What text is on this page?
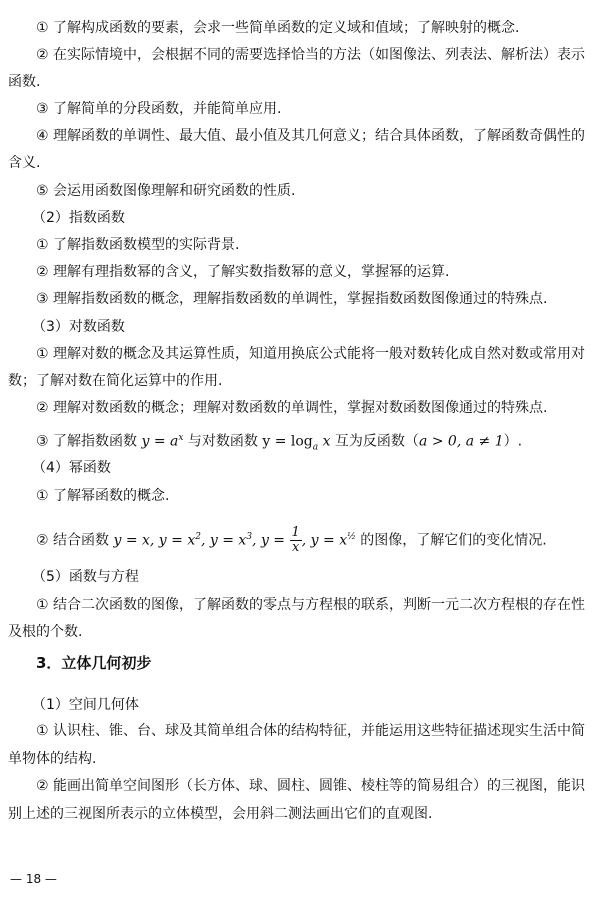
① 了解构成函数的要素，会求一些简单函数的定义域和值域；了解映射的概念.
② 在实际情境中，会根据不同的需要选择恰当的方法（如图像法、列表法、解析法）表示
函数.
③ 了解简单的分段函数，并能简单应用.
④ 理解函数的单调性、最大值、最小值及其几何意义；结合具体函数，了解函数奇偶性的
含义.
⑤ 会运用函数图像理解和研究函数的性质.
（2）指数函数
① 了解指数函数模型的实际背景.
② 理解有理指数幂的含义，了解实数指数幂的意义，掌握幂的运算.
③ 理解指数函数的概念，理解指数函数的单调性，掌握指数函数图像通过的特殊点.
（3）对数函数
① 理解对数的概念及其运算性质，知道用换底公式能将一般对数转化成自然对数或常用对
数；了解对数在简化运算中的作用.
② 理解对数函数的概念；理解对数函数的单调性，掌握对数函数图像通过的特殊点.
③ 了解指数函数 $y = a^x$ 与对数函数 $y = \log_a x$ 互为反函数（a > 0, a ≠ 1）.
（4）幂函数
① 了解幂函数的概念.
② 结合函数 y = x, $y = x^2$, $y = x^3$, $y = \frac{1}{x}$ , $y = x^{\frac{1}{2}}$ 的图像，了解它们的变化情况.
（5）函数与方程
① 结合二次函数的图像，了解函数的零点与方程根的联系，判断一元二次方程根的存在性
及根的个数.
3．立体几何初步
（1）空间几何体
① 认识柱、锥、台、球及其简单组合体的结构特征，并能运用这些特征描述现实生活中简
单物体的结构.
② 能画出简单空间图形（长方体、球、圆柱、圆锥、棱柱等的简易组合）的三视图，能识
别上述的三视图所表示的立体模型，会用斜二测法画出它们的直观图.
— 18 —
